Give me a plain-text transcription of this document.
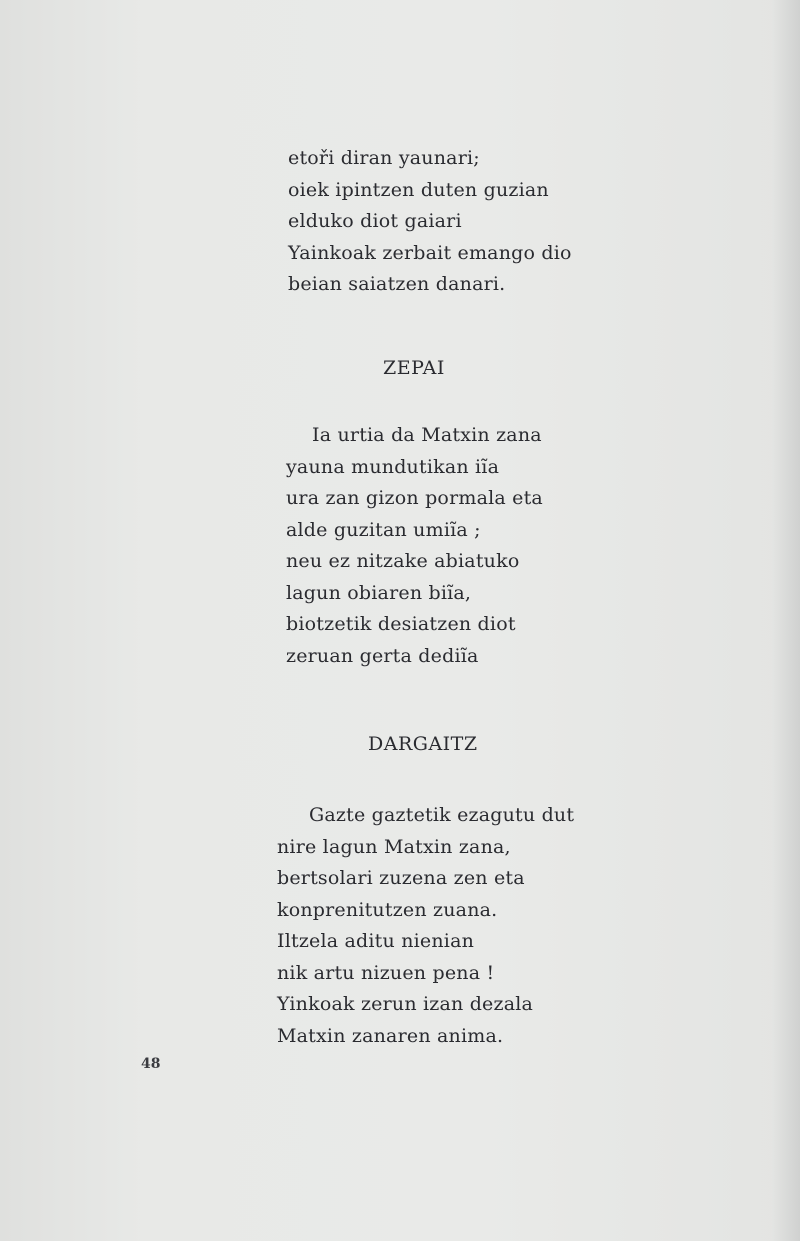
etoři diran yaunari;
oiek ipintzen duten guzian
elduko diot gaiari
Yainkoak zerbait emango dio
beian saiatzen danari.
ZEPAI
Ia urtia da Matxin zana
yauna mundutikan iĩa
ura zan gizon pormala eta
alde guzitan umiĩa ;
neu ez nitzake abiatuko
lagun obiaren biĩa,
biotzetik desiatzen diot
zeruan gerta dediĩa
DARGAITZ
Gazte gaztetik ezagutu dut
nire lagun Matxin zana,
bertsolari zuzena zen eta
konprenitutzen zuana.
Iltzela aditu nienian
nik artu nizuen pena !
Yinkoak zerun izan dezala
Matxin zanaren anima.
48
